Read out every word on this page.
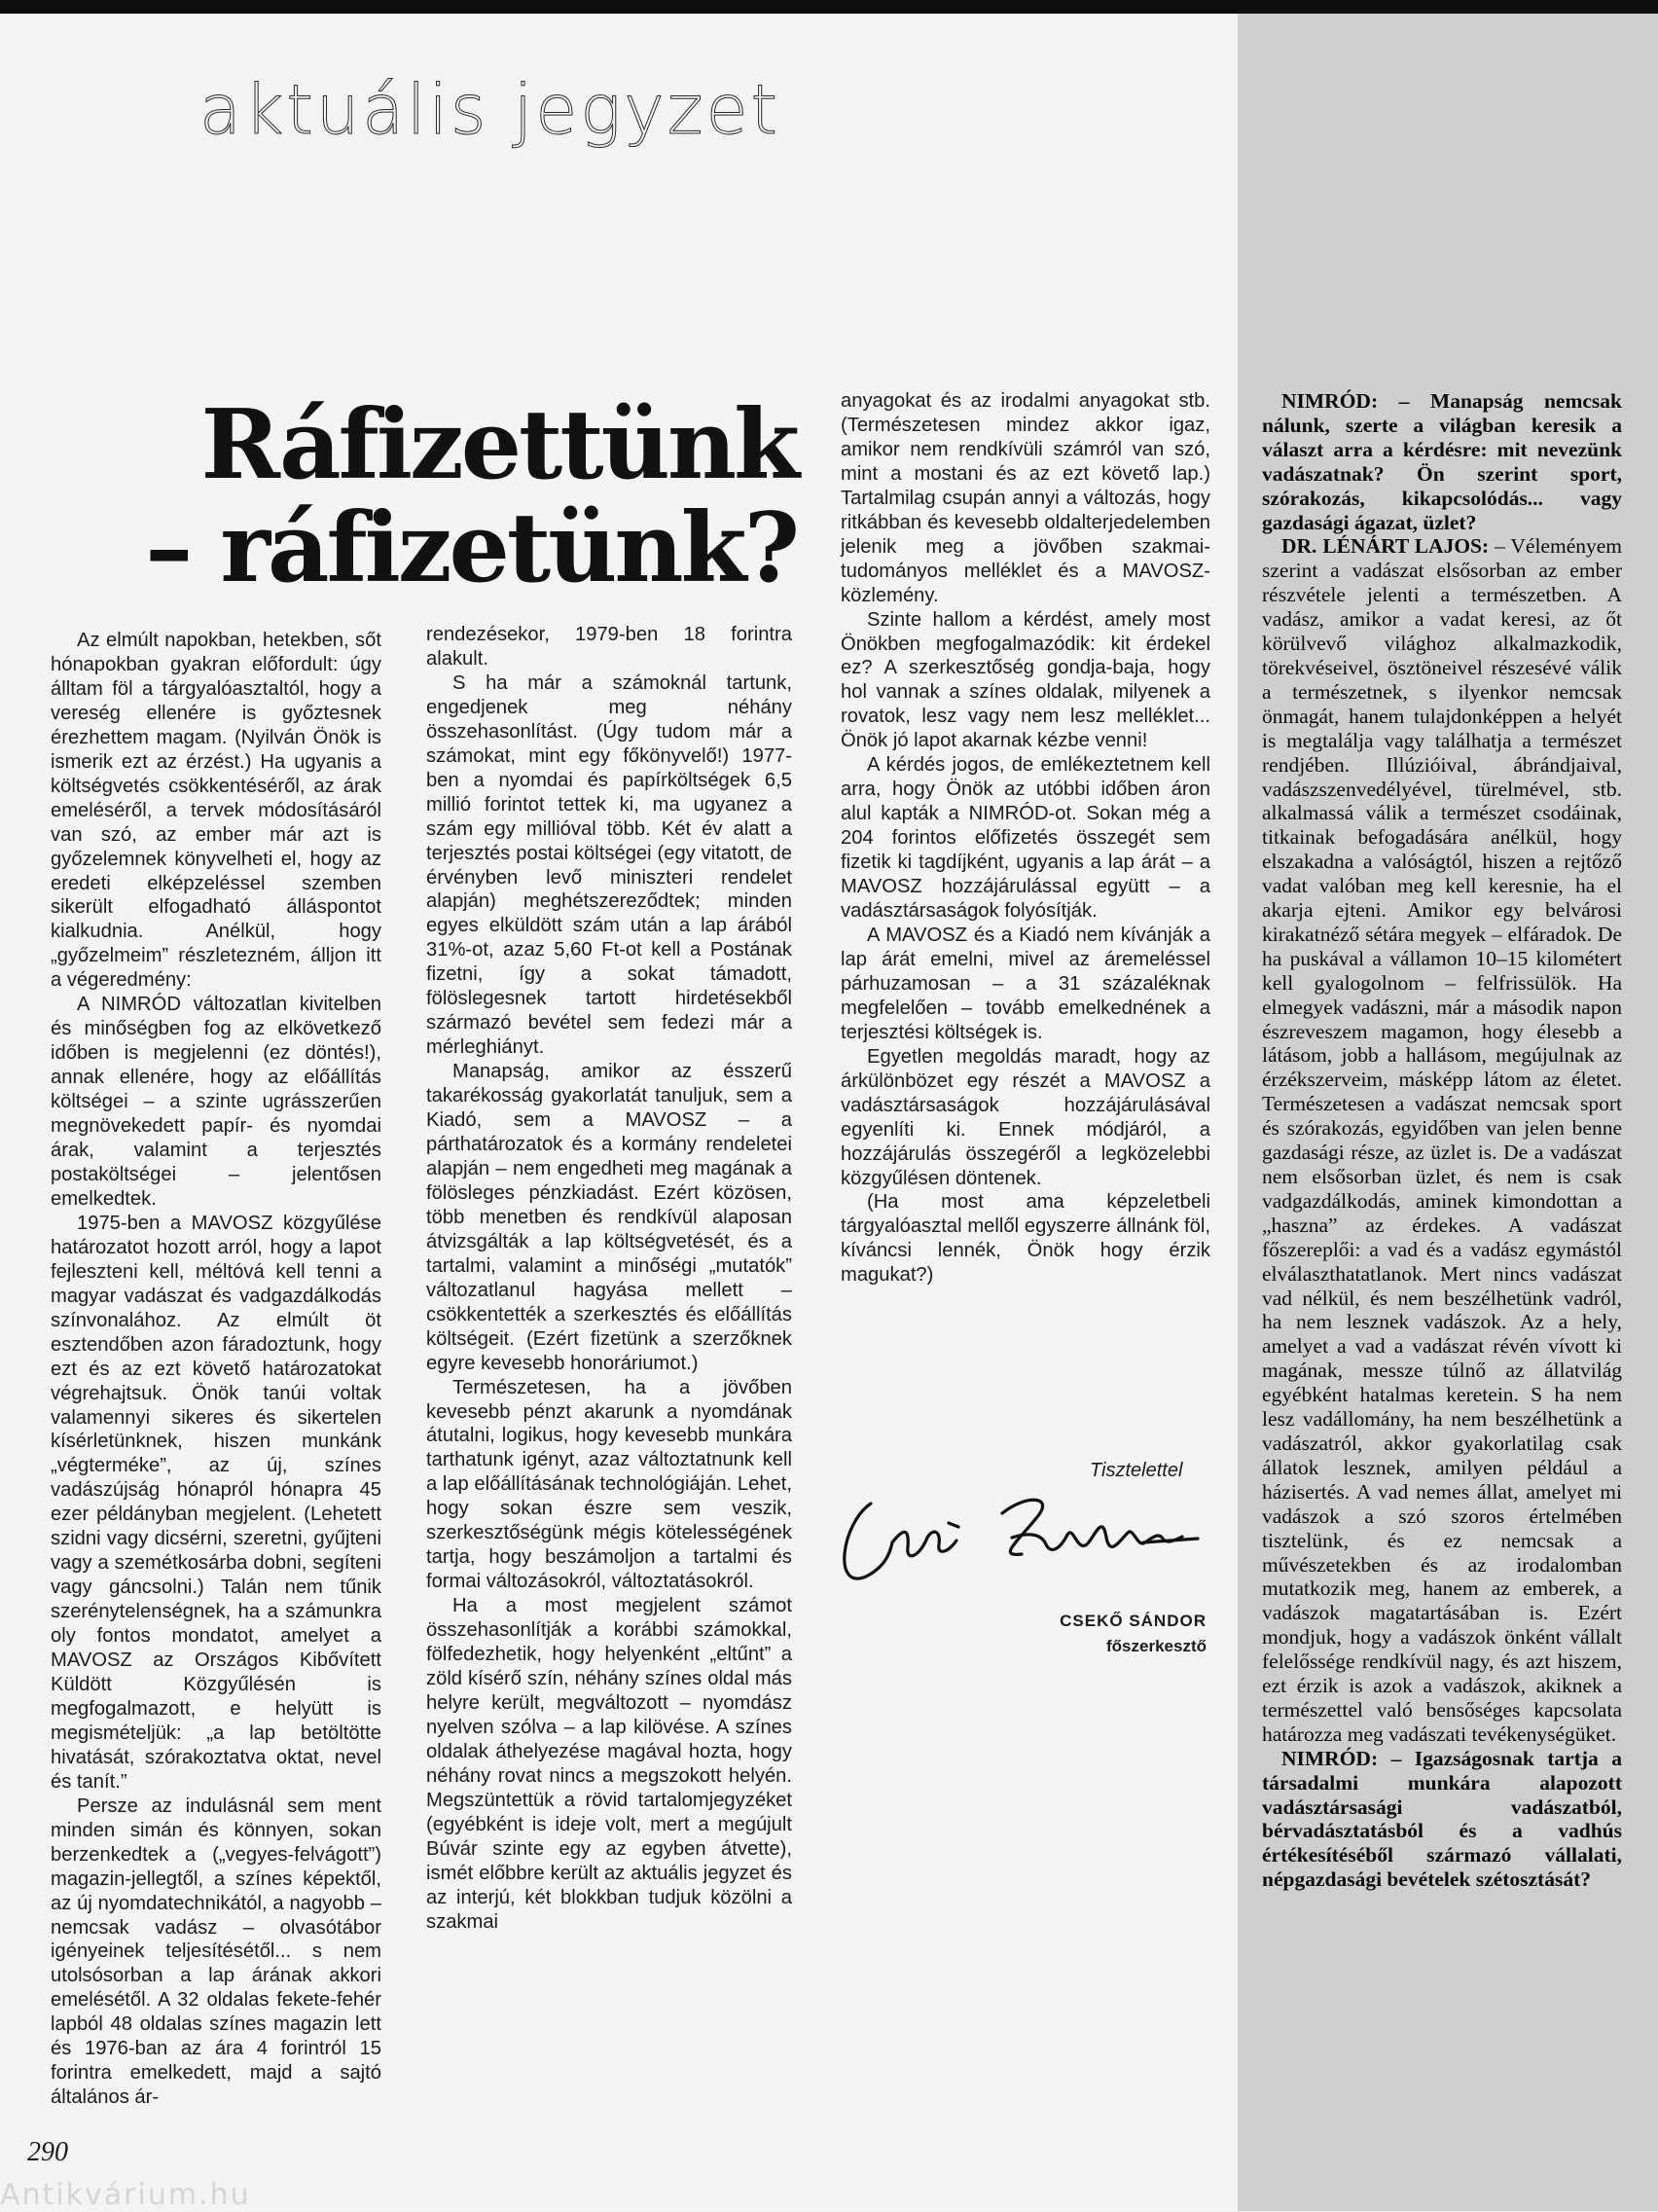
aktuális jegyzet
Ráfizettünk
– ráfizetünk?

Az elmúlt napokban, hetekben, sőt hónapokban gyakran előfordult: úgy álltam föl a tárgyalóasztaltól, hogy a vereség ellenére is győztesnek érezhettem magam. (Nyilván Önök is ismerik ezt az érzést.) Ha ugyanis a költségvetés csökkentéséről, az árak emeléséről, a tervek módosításáról van szó, az ember már azt is győzelemnek könyvelheti el, hogy az eredeti elképzeléssel szemben sikerült elfogadható álláspontot kialkudnia. Anélkül, hogy „győzelmeim” részletezném, álljon itt a végeredmény:

A NIMRÓD változatlan kivitelben és minőségben fog az elkövetkező időben is megjelenni (ez döntés!), annak ellenére, hogy az előállítás költségei – a szinte ugrásszerűen megnövekedett papír- és nyomdai árak, valamint a terjesztés postaköltségei – jelentősen emelkedtek.

1975-ben a MAVOSZ közgyűlése határozatot hozott arról, hogy a lapot fejleszteni kell, méltóvá kell tenni a magyar vadászat és vadgazdálkodás színvonalához. Az elmúlt öt esztendőben azon fáradoztunk, hogy ezt és az ezt követő határozatokat végrehajtsuk. Önök tanúi voltak valamennyi sikeres és sikertelen kísérletünknek, hiszen munkánk „végterméke”, az új, színes vadászújság hónapról hónapra 45 ezer példányban megjelent. (Lehetett szidni vagy dicsérni, szeretni, gyűjteni vagy a szemétkosárba dobni, segíteni vagy gáncsolni.) Talán nem tűnik szerénytelenségnek, ha a számunkra oly fontos mondatot, amelyet a MAVOSZ az Országos Kibővített Küldött Közgyűlésén is megfogalmazott, e helyütt is megismételjük: „a lap betöltötte hivatását, szórakoztatva oktat, nevel és tanít.”

Persze az indulásnál sem ment minden simán és könnyen, sokan berzenkedtek a („vegyes-felvágott”) magazin-jellegtől, a színes képektől, az új nyomdatechnikától, a nagyobb – nemcsak vadász – olvasótábor igényeinek teljesítésétől... s nem utolsósorban a lap árának akkori emelésétől. A 32 oldalas fekete-fehér lapból 48 oldalas színes magazin lett és 1976-ban az ára 4 forintról 15 forintra emelkedett, majd a sajtó általános ár-

rendezésekor, 1979-ben 18 forintra alakult.

S ha már a számoknál tartunk, engedjenek meg néhány összehasonlítást. (Úgy tudom már a számokat, mint egy főkönyvelő!) 1977-ben a nyomdai és papírköltségek 6,5 millió forintot tettek ki, ma ugyanez a szám egy millióval több. Két év alatt a terjesztés postai költségei (egy vitatott, de érvényben levő miniszteri rendelet alapján) meghétszereződtek; minden egyes elküldött szám után a lap árából 31%-ot, azaz 5,60 Ft-ot kell a Postának fizetni, így a sokat támadott, fölöslegesnek tartott hirdetésekből származó bevétel sem fedezi már a mérleghiányt.

Manapság, amikor az ésszerű takarékosság gyakorlatát tanuljuk, sem a Kiadó, sem a MAVOSZ – a párthatározatok és a kormány rendeletei alapján – nem engedheti meg magának a fölösleges pénzkiadást. Ezért közösen, több menetben és rendkívül alaposan átvizsgálták a lap költségvetését, és a tartalmi, valamint a minőségi „mutatók” változatlanul hagyása mellett – csökkentették a szerkesztés és előállítás költségeit. (Ezért fizetünk a szerzőknek egyre kevesebb honoráriumot.)

Természetesen, ha a jövőben kevesebb pénzt akarunk a nyomdának átutalni, logikus, hogy kevesebb munkára tarthatunk igényt, azaz változtatnunk kell a lap előállításának technológiáján. Lehet, hogy sokan észre sem veszik, szerkesztőségünk mégis kötelességének tartja, hogy beszámoljon a tartalmi és formai változásokról, változtatásokról.

Ha a most megjelent számot összehasonlítják a korábbi számokkal, fölfedezhetik, hogy helyenként „eltűnt” a zöld kísérő szín, néhány színes oldal más helyre került, megváltozott – nyomdász nyelven szólva – a lap kilövése. A színes oldalak áthelyezése magával hozta, hogy néhány rovat nincs a megszokott helyén. Megszüntettük a rövid tartalomjegyzéket (egyébként is ideje volt, mert a megújult Búvár szinte egy az egyben átvette), ismét előbbre került az aktuális jegyzet és az interjú, két blokkban tudjuk közölni a szakmai

anyagokat és az irodalmi anyagokat stb. (Természetesen mindez akkor igaz, amikor nem rendkívüli számról van szó, mint a mostani és az ezt követő lap.) Tartalmilag csupán annyi a változás, hogy ritkábban és kevesebb oldalterjedelemben jelenik meg a jövőben szakmai-tudományos melléklet és a MAVOSZ-közlemény.

Szinte hallom a kérdést, amely most Önökben megfogalmazódik: kit érdekel ez? A szerkesztőség gondja-baja, hogy hol vannak a színes oldalak, milyenek a rovatok, lesz vagy nem lesz melléklet... Önök jó lapot akarnak kézbe venni!

A kérdés jogos, de emlékeztetnem kell arra, hogy Önök az utóbbi időben áron alul kapták a NIMRÓD-ot. Sokan még a 204 forintos előfizetés összegét sem fizetik ki tagdíjként, ugyanis a lap árát – a MAVOSZ hozzájárulással együtt – a vadásztársaságok folyósítják.

A MAVOSZ és a Kiadó nem kívánják a lap árát emelni, mivel az áremeléssel párhuzamosan – a 31 százaléknak megfelelően – tovább emelkednének a terjesztési költségek is.

Egyetlen megoldás maradt, hogy az árkülönbözet egy részét a MAVOSZ a vadásztársaságok hozzájárulásával egyenlíti ki. Ennek módjáról, a hozzájárulás összegéről a legközelebbi közgyűlésen döntenek.

(Ha most ama képzeletbeli tárgyalóasztal mellől egyszerre állnánk föl, kíváncsi lennék, Önök hogy érzik magukat?)

Tisztelettel
CSEKŐ SÁNDOR
főszerkesztő

NIMRÓD: – Manapság nemcsak nálunk, szerte a világban keresik a választ arra a kérdésre: mit nevezünk vadászatnak? Ön szerint sport, szórakozás, kikapcsolódás... vagy gazdasági ágazat, üzlet?

DR. LÉNÁRT LAJOS: – Véleményem szerint a vadászat elsősorban az ember részvétele jelenti a természetben. A vadász, amikor a vadat keresi, az őt körülvevő világhoz alkalmazkodik, törekvéseivel, ösztöneivel részesévé válik a természetnek, s ilyenkor nemcsak önmagát, hanem tulajdonképpen a helyét is megtalálja vagy találhatja a természet rendjében. Illúzióival, ábrándjaival, vadászszenvedélyével, türelmével, stb. alkalmassá válik a természet csodáinak, titkainak befogadására anélkül, hogy elszakadna a valóságtól, hiszen a rejtőző vadat valóban meg kell keresnie, ha el akarja ejteni. Amikor egy belvárosi kirakatnéző sétára megyek – elfáradok. De ha puskával a vállamon 10–15 kilométert kell gyalogolnom – felfrissülök. Ha elmegyek vadászni, már a második napon észreveszem magamon, hogy élesebb a látásom, jobb a hallásom, megújulnak az érzékszerveim, másképp látom az életet. Természetesen a vadászat nemcsak sport és szórakozás, egyidőben van jelen benne gazdasági része, az üzlet is. De a vadászat nem elsősorban üzlet, és nem is csak vadgazdálkodás, aminek kimondottan a „haszna” az érdekes. A vadászat főszereplői: a vad és a vadász egymástól elválaszthatatlanok. Mert nincs vadászat vad nélkül, és nem beszélhetünk vadról, ha nem lesznek vadászok. Az a hely, amelyet a vad a vadászat révén vívott ki magának, messze túlnő az állatvilág egyébként hatalmas keretein. S ha nem lesz vadállomány, ha nem beszélhetünk a vadászatról, akkor gyakorlatilag csak állatok lesznek, amilyen például a házisertés. A vad nemes állat, amelyet mi vadászok a szó szoros értelmében tisztelünk, és ez nemcsak a művészetekben és az irodalomban mutatkozik meg, hanem az emberek, a vadászok magatartásában is. Ezért mondjuk, hogy a vadászok önként vállalt felelőssége rendkívül nagy, és azt hiszem, ezt érzik is azok a vadászok, akiknek a természettel való bensőséges kapcsolata határozza meg vadászati tevékenységüket.

NIMRÓD: – Igazságosnak tartja a társadalmi munkára alapozott vadásztársasági vadászatból, bérvadásztatásból és a vadhús értékesítéséből származó vállalati, népgazdasági bevételek szétosztását?

290
Antikvárium.hu
